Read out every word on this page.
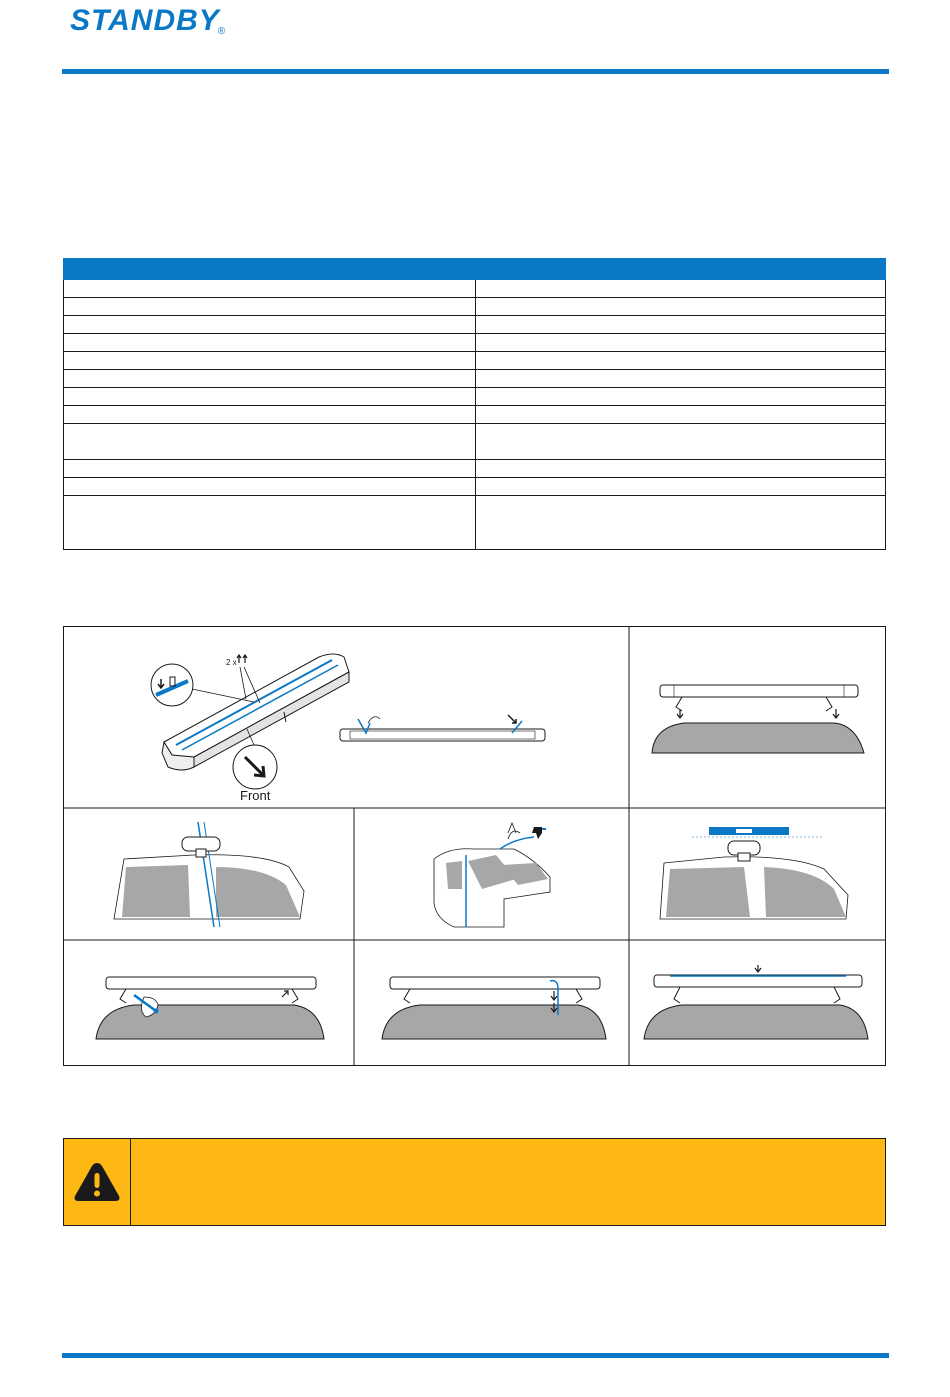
$STANDBY_®$

2 x
Front
